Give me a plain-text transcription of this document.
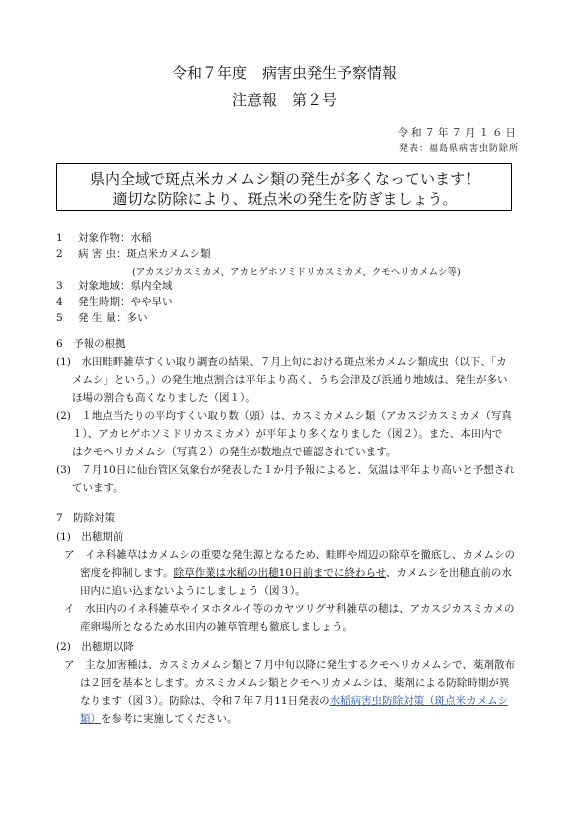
令和７年度　病害虫発生予察情報
注意報　第２号
令和７年７月１６日
発表：福島県病害虫防除所
県内全域で斑点米カメムシ類の発生が多くなっています！
適切な防除により、斑点米の発生を防ぎましょう。
1 対象作物：水稲
2 病 害 虫：斑点米カメムシ類
(アカスジカスミカメ、アカヒゲホソミドリカスミカメ、クモヘリカメムシ等)
3 対象地域：県内全域
4 発生時期：やや早い
5 発 生 量：多い
6　予報の根拠
(1)　水田畦畔雑草すくい取り調査の結果、７月上旬における斑点米カメムシ類成虫（以下、「カ
メムシ」という。）の発生地点割合は平年より高く、うち会津及び浜通り地域は、発生が多い
ほ場の割合も高くなりました（図１）。
(2)　１地点当たりの平均すくい取り数（頭）は、カスミカメムシ類（アカスジカスミカメ（写真
１）、アカヒゲホソミドリカスミカメ）が平年より多くなりました（図２）。また、本田内で
はクモヘリカメムシ（写真２）の発生が数地点で確認されています。
(3)　７月10日に仙台管区気象台が発表した１か月予報によると、気温は平年より高いと予想され
ています。
7　防除対策
(1)　出穂期前
ア　イネ科雑草はカメムシの重要な発生源となるため、畦畔や周辺の除草を徹底し、カメムシの
密度を抑制します。除草作業は水稲の出穂10日前までに終わらせ、カメムシを出穂直前の水
田内に追い込まないようにしましょう（図３）。
イ　水田内のイネ科雑草やイヌホタルイ等のカヤツリグサ科雑草の穂は、アカスジカスミカメの
産卵場所となるため水田内の雑草管理も徹底しましょう。
(2)　出穂期以降
ア　主な加害種は、カスミカメムシ類と７月中旬以降に発生するクモヘリカメムシで、薬剤散布
は２回を基本とします。カスミカメムシ類とクモヘリカメムシは、薬剤による防除時期が異
なります（図３）。防除は、令和７年７月11日発表の水稲病害虫防除対策（斑点米カメムシ
類）を参考に実施してください。
